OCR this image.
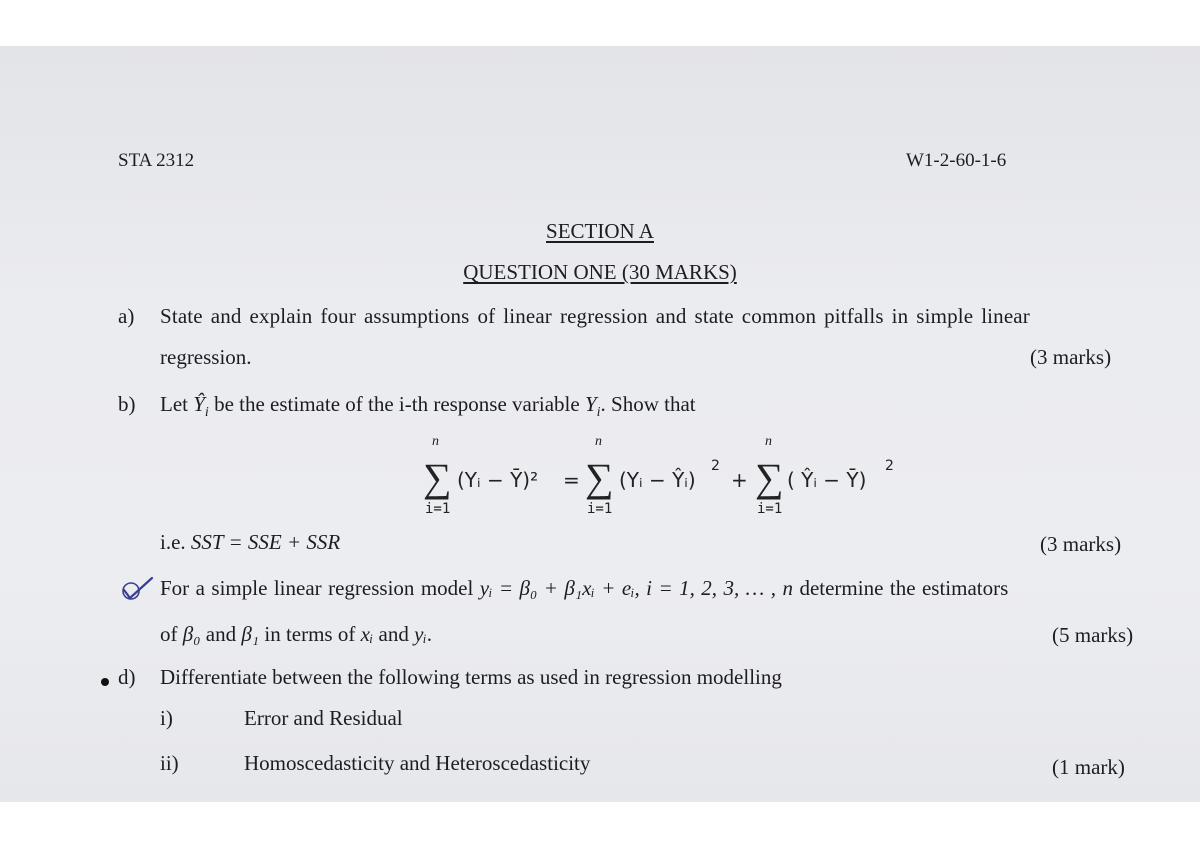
STA 2312	W1-2-60-1-6
SECTION A
QUESTION ONE (30 MARKS)
a) State and explain four assumptions of linear regression and state common pitfalls in simple linear
regression.	(3 marks)
b) Let $Ŷ_i$ be the estimate of the i-th response variable $Y_i$. Show that
n
∑
i=1
(Yᵢ − Ȳ)² =
n
∑
i=1
(Yᵢ − Ŷᵢ)
2
+
n
∑
i=1
( Ŷᵢ − Ȳ)
2
i.e. SST = SSE + SSR	(3 marks)
For a simple linear regression model yᵢ = β₀ + β₁xᵢ + eᵢ, i = 1, 2, 3, … , n determine the estimators
of β₀ and β₁ in terms of xᵢ and yᵢ.	(5 marks)
d) Differentiate between the following terms as used in regression modelling
i)	Error and Residual
ii)	Homoscedasticity and Heteroscedasticity	(1 mark)
